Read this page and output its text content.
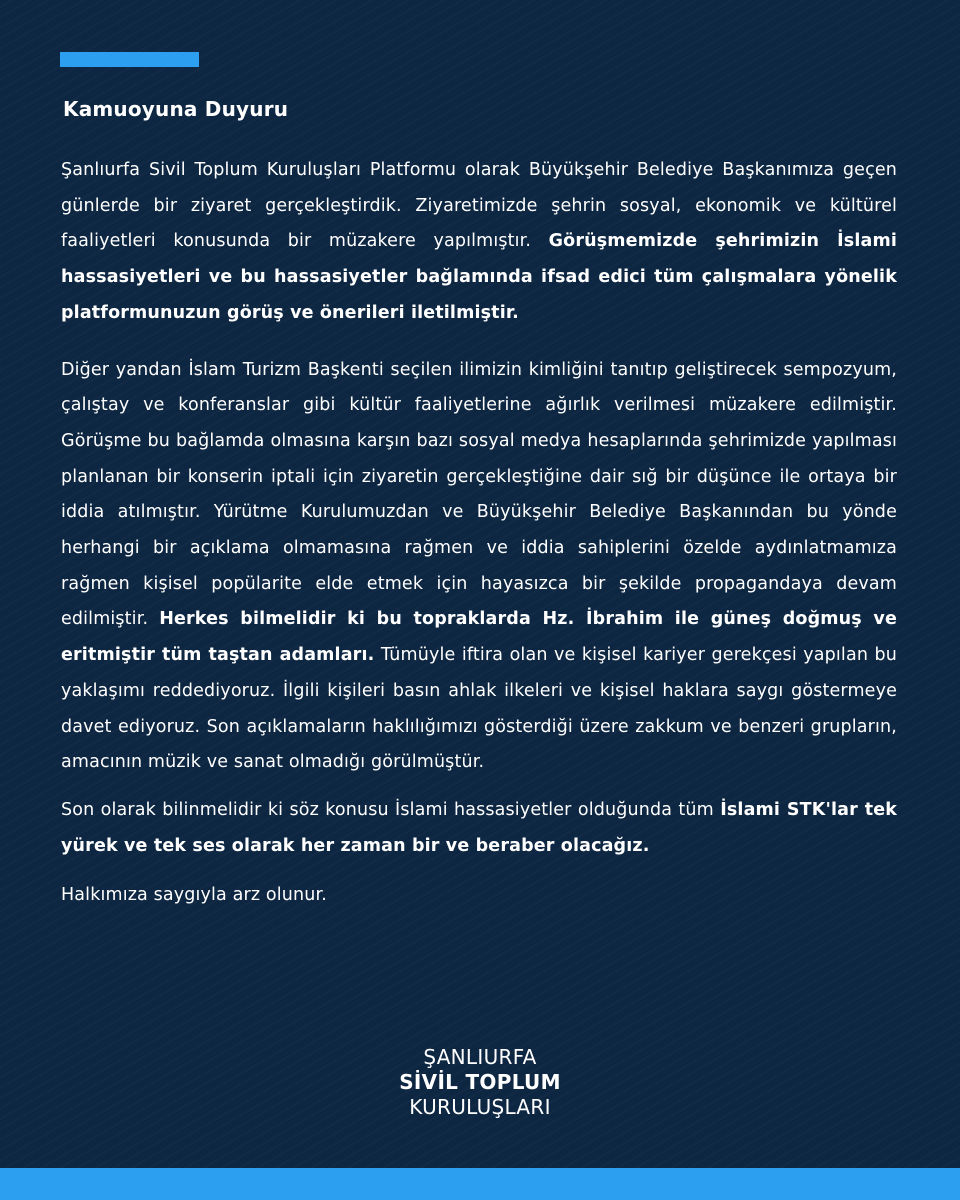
Kamuoyuna Duyuru

Şanlıurfa Sivil Toplum Kuruluşları Platformu olarak Büyükşehir Belediye Başkanımıza geçen günlerde bir ziyaret gerçekleştirdik. Ziyaretimizde şehrin sosyal, ekonomik ve kültürel faaliyetleri konusunda bir müzakere yapılmıştır. Görüşmemizde şehrimizin İslami hassasiyetleri ve bu hassasiyetler bağlamında ifsad edici tüm çalışmalara yönelik platformunuzun görüş ve önerileri iletilmiştir.

Diğer yandan İslam Turizm Başkenti seçilen ilimizin kimliğini tanıtıp geliştirecek sempozyum, çalıştay ve konferanslar gibi kültür faaliyetlerine ağırlık verilmesi müzakere edilmiştir. Görüşme bu bağlamda olmasına karşın bazı sosyal medya hesaplarında şehrimizde yapılması planlanan bir konserin iptali için ziyaretin gerçekleştiğine dair sığ bir düşünce ile ortaya bir iddia atılmıştır. Yürütme Kurulumuzdan ve Büyükşehir Belediye Başkanından bu yönde herhangi bir açıklama olmamasına rağmen ve iddia sahiplerini özelde aydınlatmamıza rağmen kişisel popülarite elde etmek için hayasızca bir şekilde propagandaya devam edilmiştir. Herkes bilmelidir ki bu topraklarda Hz. İbrahim ile güneş doğmuş ve eritmiştir tüm taştan adamları. Tümüyle iftira olan ve kişisel kariyer gerekçesi yapılan bu yaklaşımı reddediyoruz. İlgili kişileri basın ahlak ilkeleri ve kişisel haklara saygı göstermeye davet ediyoruz. Son açıklamaların haklılığımızı gösterdiği üzere zakkum ve benzeri grupların, amacının müzik ve sanat olmadığı görülmüştür.

Son olarak bilinmelidir ki söz konusu İslami hassasiyetler olduğunda tüm İslami STK'lar tek yürek ve tek ses olarak her zaman bir ve beraber olacağız.

Halkımıza saygıyla arz olunur.

ŞANLIURFA
SİVİL TOPLUM
KURULUŞLARI
